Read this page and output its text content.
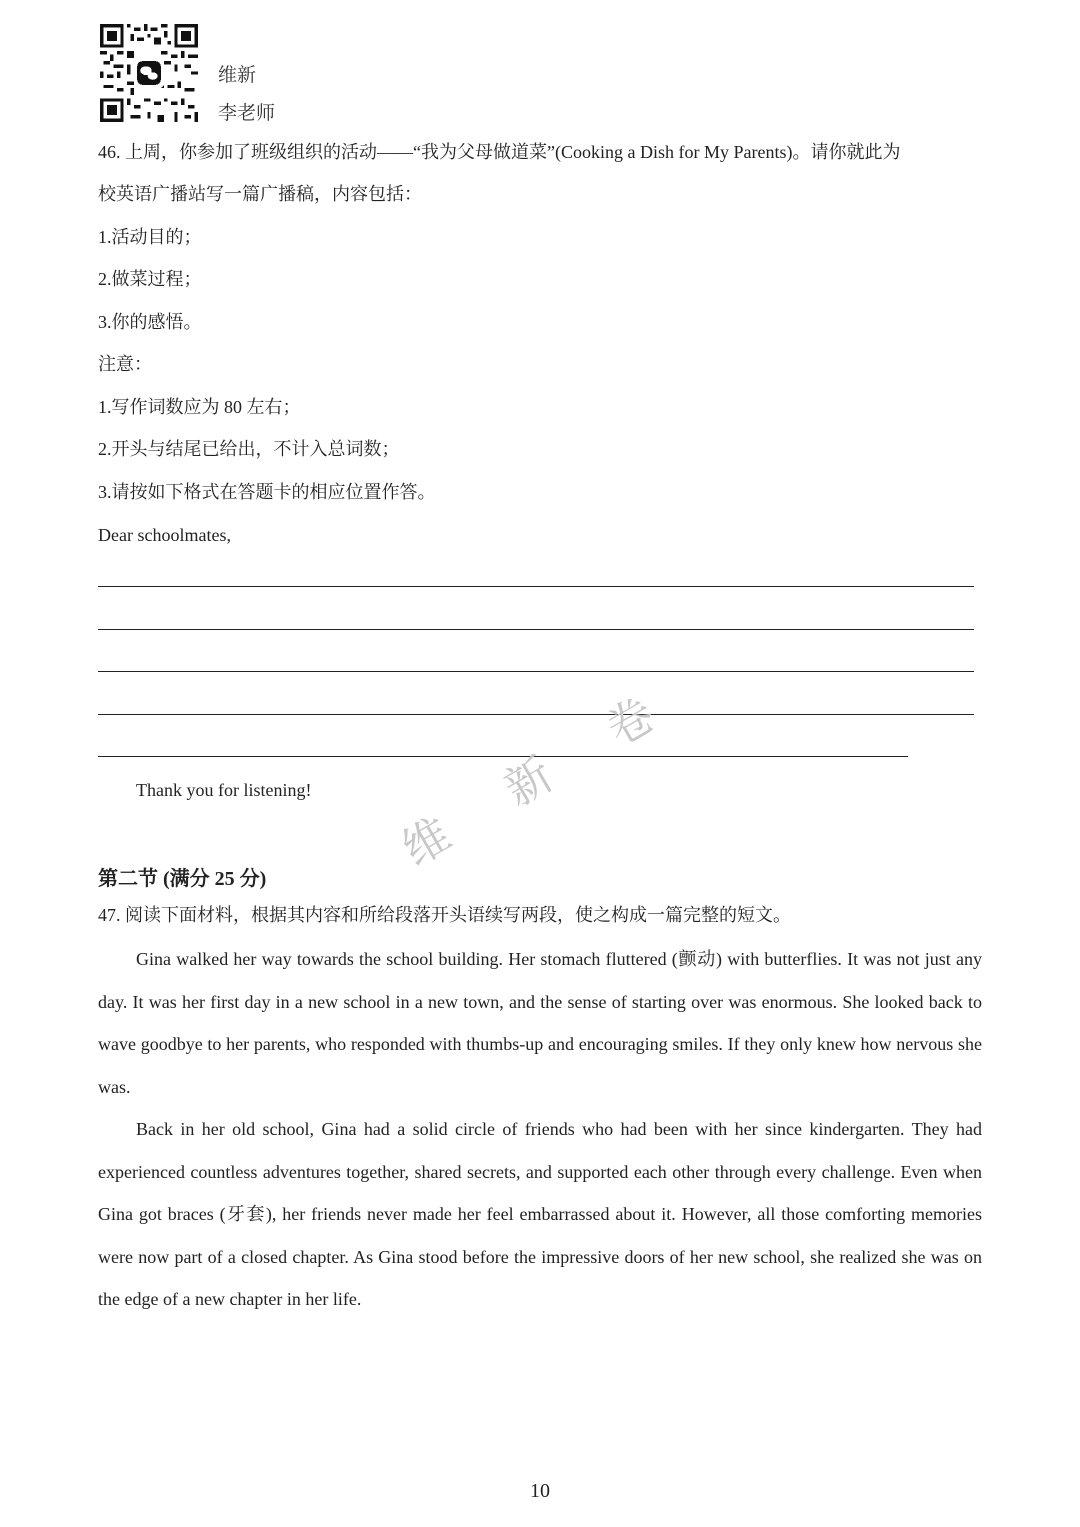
维新
李老师
46. 上周，你参加了班级组织的活动——“我为父母做道菜”(Cooking a Dish for My Parents)。请你就此为
校英语广播站写一篇广播稿，内容包括：
1.活动目的；
2.做菜过程；
3.你的感悟。
注意：
1.写作词数应为 80 左右；
2.开头与结尾已给出，不计入总词数；
3.请按如下格式在答题卡的相应位置作答。
Dear schoolmates,
Thank you for listening!
维
新
卷
第二节 (满分 25 分)
47. 阅读下面材料，根据其内容和所给段落开头语续写两段，使之构成一篇完整的短文。
Gina walked her way towards the school building. Her stomach fluttered (颤动) with butterflies. It was not just any day. It was her first day in a new school in a new town, and the sense of starting over was enormous. She looked back to wave goodbye to her parents, who responded with thumbs-up and encouraging smiles. If they only knew how nervous she was.
Back in her old school, Gina had a solid circle of friends who had been with her since kindergarten. They had experienced countless adventures together, shared secrets, and supported each other through every challenge. Even when Gina got braces (牙套), her friends never made her feel embarrassed about it. However, all those comforting memories were now part of a closed chapter. As Gina stood before the impressive doors of her new school, she realized she was on the edge of a new chapter in her life.
10
